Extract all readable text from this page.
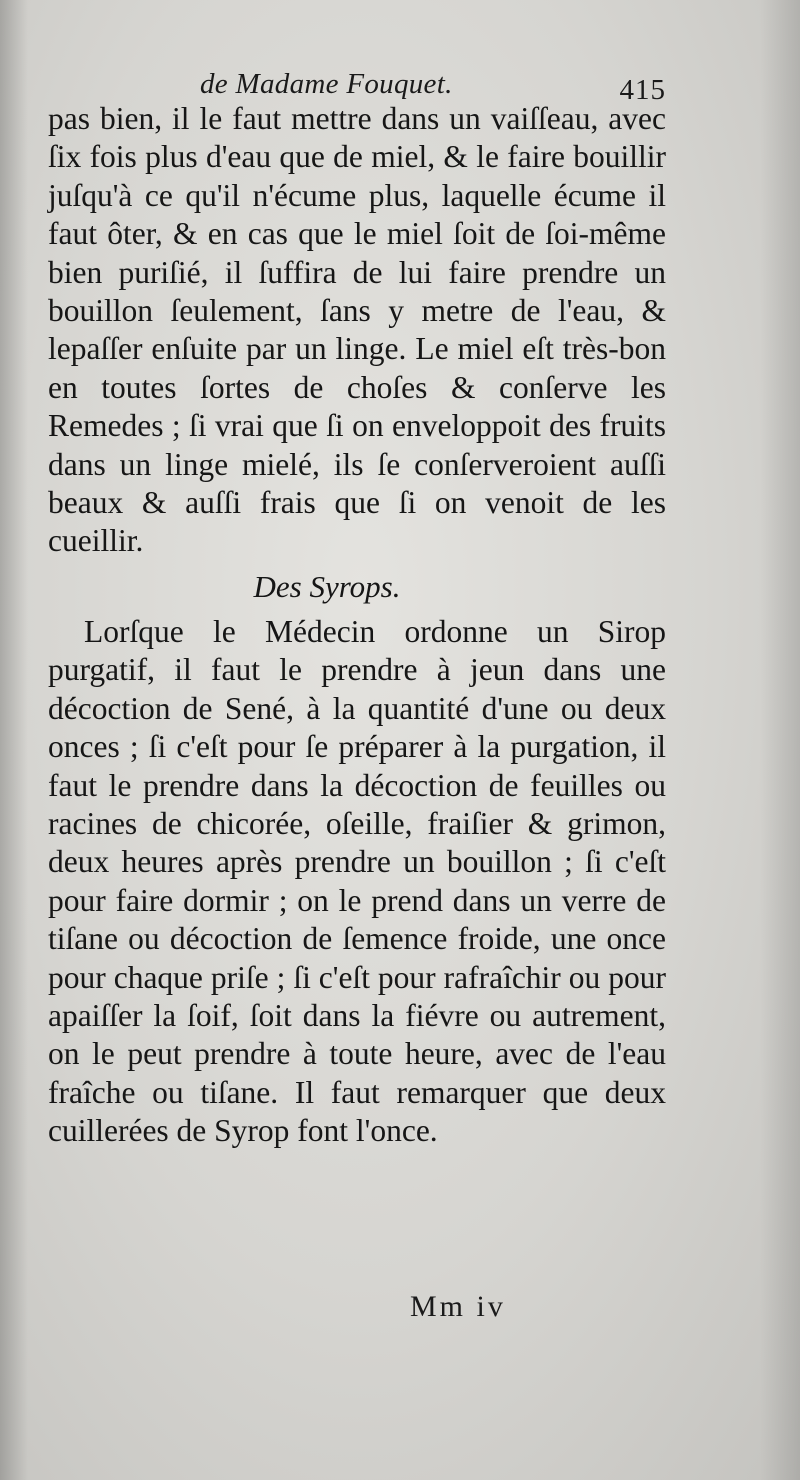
de Madame Fouquet.	415

pas bien, il le faut mettre dans un vaiſſeau, avec ſix fois plus d'eau que de miel, & le faire bouillir juſqu'à ce qu'il n'écume plus, laquelle écume il faut ôter, & en cas que le miel ſoit de ſoi-même bien puriſié, il ſuffira de lui faire prendre un bouillon ſeulement, ſans y metre de l'eau, & lepaſſer enſuite par un linge. Le miel eſt très-bon en toutes ſortes de choſes & conſerve les Remedes ; ſi vrai que ſi on enveloppoit des fruits dans un linge mielé, ils ſe conſerveroient auſſi beaux & auſſi frais que ſi on venoit de les cueillir.

Des Syrops.

Lorſque le Médecin ordonne un Sirop purgatif, il faut le prendre à jeun dans une décoction de Sené, à la quantité d'une ou deux onces ; ſi c'eſt pour ſe préparer à la purgation, il faut le prendre dans la décoction de feuilles ou racines de chicorée, oſeille, fraiſier & grimon, deux heures après prendre un bouillon ; ſi c'eſt pour faire dormir ; on le prend dans un verre de tiſane ou décoction de ſemence froide, une once pour chaque priſe ; ſi c'eſt pour rafraîchir ou pour apaiſſer la ſoif, ſoit dans la fiévre ou autrement, on le peut prendre à toute heure, avec de l'eau fraîche ou tiſane. Il faut remarquer que deux cuillerées de Syrop font l'once.

Mm iv
